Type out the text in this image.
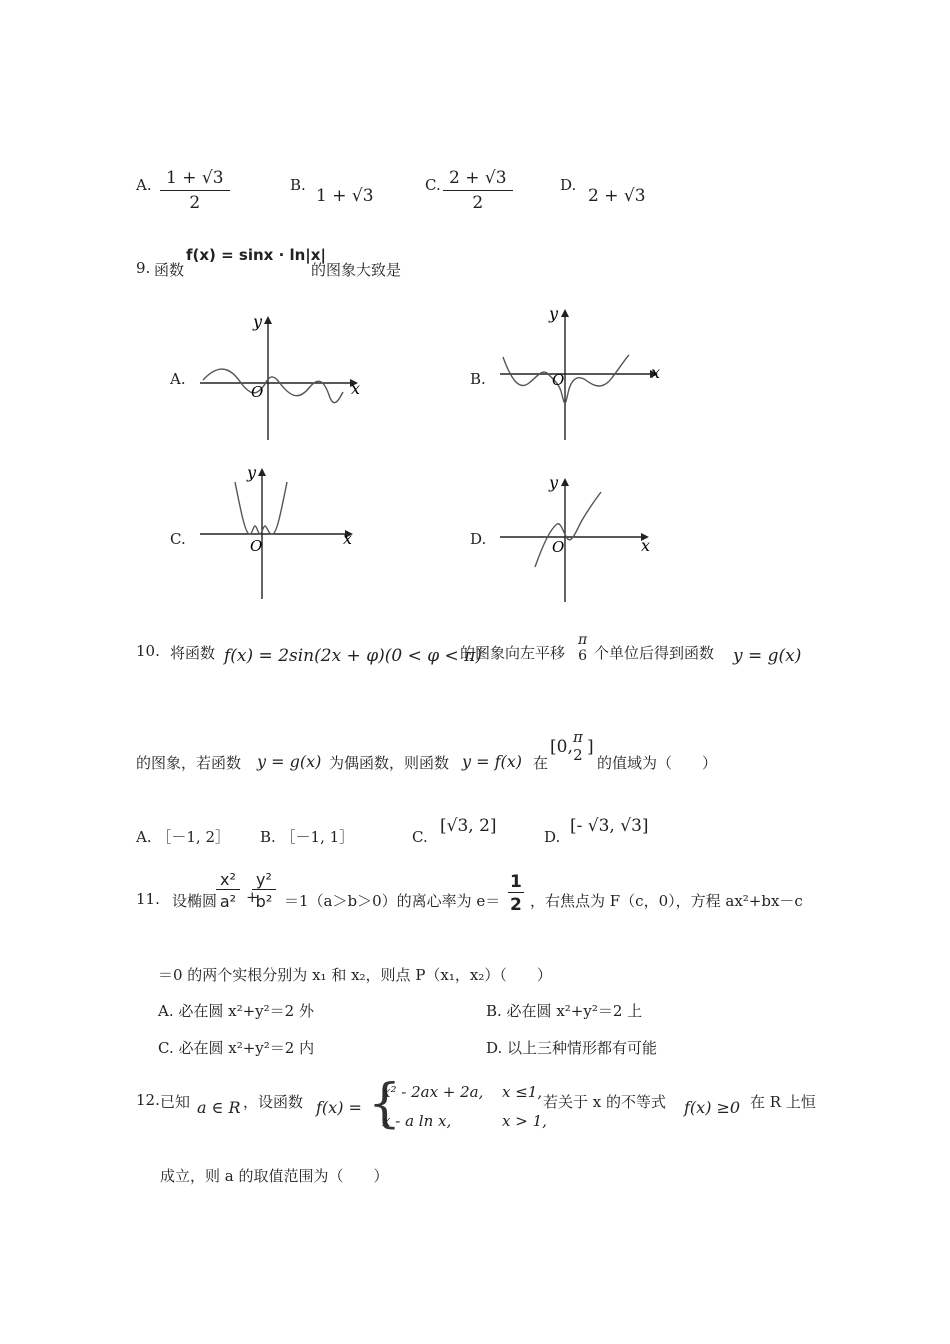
A. $\frac{1 + √3}{2}$	B.
1 + √3
C. $\frac{2 + √3}{2}$	D.
2 + √3
9. 函数
f(x) = sinx · ln|x|
的图象大致是
A.
y
x
O
B.
y
x
O
C.
y
x
O	D.
y
x
O
10. 将函数 f(x) = 2sin(2x + φ)(0 < φ < π)
的图象向左平移
π
6 个单位后得到函数 y = g(x)
的图象，若函数 y = g(x) 为偶函数，则函数 y = f(x) 在
[0, π
2 ]
的值域为（　　）
A. ［－1, 2］ B. ［－1, 1］	C.
[√3, 2]
D.
[- √3, √3]
11. 设椭圆
$\frac{\text{x²}}{\text{a²}}$ +
$\frac{\text{y²}}{\text{b²}} =1(a>b>0)$的离心率为 $e= \frac{1}{2}$ ，右焦点为 F（c，0），方程 ax²+bx－c
＝0 的两个实根分别为 x₁ 和 x₂，则点 P（x₁，x₂）（　　）
A. 必在圆 x²+y²＝2 外	B. 必在圆 x²+y²＝2 上
C. 必在圆 x²+y²＝2 内	D. 以上三种情形都有可能
12. 已知 a ∈ R ，设函数 f(x) = {
x² - 2ax + 2a, x ≤1,
x - a ln x,	x > 1,
若关于 x 的不等式 f(x) ≥0 在 R 上恒
成立，则 a 的取值范围为（　　）
